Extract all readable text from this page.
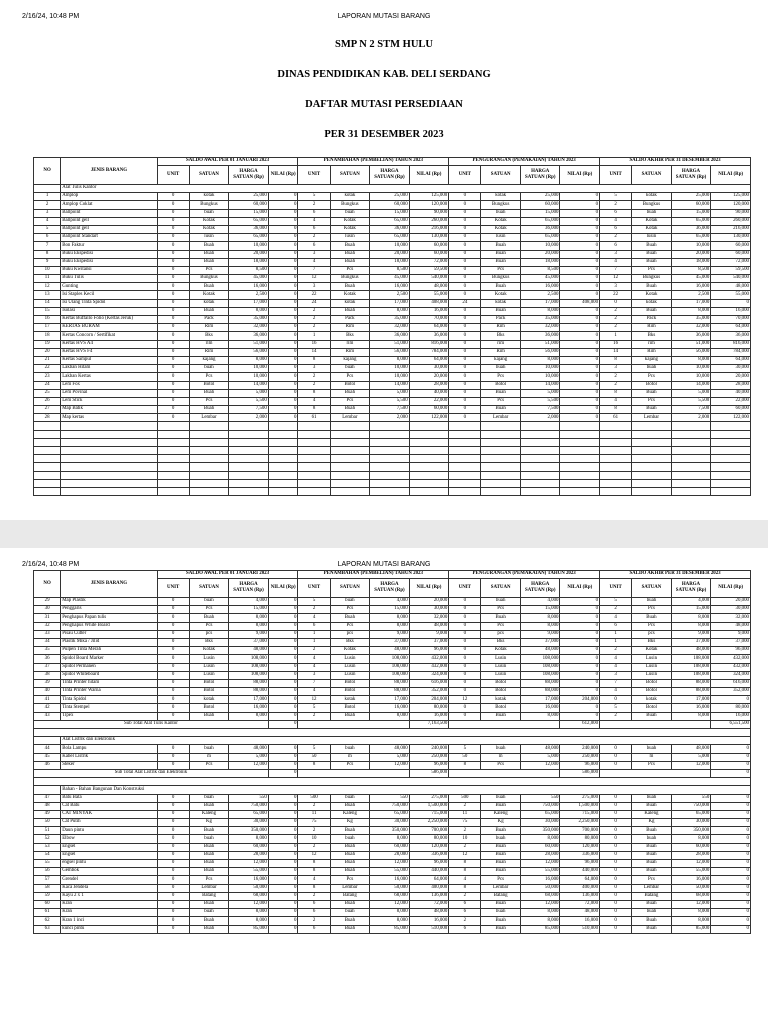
2/16/24, 10:48 PM	LAPORAN MUTASI BARANG
SMP N 2 STM HULU
DINAS PENDIDIKAN KAB. DELI SERDANG
DAFTAR MUTASI PERSEDIAAN
PER 31 DESEMBER 2023
NO	JENIS BARANG	SALDO AWAL PER 01 JANUARI 2023				PENAMBAHAN (PEMBELIAN) TAHUN 2023				PENGURANGAN (PEMAKAIAN) TAHUN 2023				SALDO AKHIR PER 31 DESEMBER 2023			
		UNIT	SATUAN	HARGA SATUAN (Rp)	NILAI (Rp)	UNIT	SATUAN	HARGA SATUAN (Rp)	NILAI (Rp)	UNIT	SATUAN	HARGA SATUAN (Rp)	NILAI (Rp)	UNIT	SATUAN	HARGA SATUAN (Rp)	NILAI (Rp)
	Alat Tulis Kantor																
1	Amplop	0	kotak	25,000	0	5	kotak	25,000	125,000	0	kotak	25,000	0	5	kotak	25,000	125,000
2	Amplop Coklat	0	Bungkus	60,000	0	2	Bungkus	60,000	120,000	0	Bungkus	60,000	0	2	Bungkus	60,000	120,000
3	Ballpoint	0	buah	15,000	0	6	buah	15,000	90,000	0	buah	15,000	0	6	buah	15,000	90,000
4	Ballpoint gell	0	Kotak	65,000	0	4	Kotak	65,000	260,000	0	Kotak	65,000	0	4	Kotak	65,000	260,000
5	Ballpoint gell	0	Kotak	36,000	0	6	Kotak	36,000	216,000	0	Kotak	36,000	0	6	Kotak	36,000	216,000
6	Ballpoint Standart	0	lusin	65,000	0	2	lusin	65,000	130,000	0	lusin	65,000	0	2	lusin	65,000	130,000
7	Bon Faktur	0	Buah	10,000	0	6	Buah	10,000	60,000	0	Buah	10,000	0	6	Buah	10,000	60,000
8	Buku Ekspedisi	0	Buah	20,000	0	3	Buah	20,000	60,000	0	Buah	20,000	0	3	Buah	20,000	60,000
9	Buku Ekspedisi	0	Buah	18,000	0	4	Buah	18,000	72,000	0	Buah	18,000	0	4	Buah	18,000	72,000
10	Buku Kwitansi	0	Pcs	8,500	0	7	Pcs	8,500	59,500	0	Pcs	8,500	0	7	Pcs	8,500	59,500
11	Buku Tulis	0	Bungkus	45,000	0	12	Bungkus	45,000	540,000	0	Bungkus	45,000	0	12	Bungkus	45,000	540,000
12	Gunting	0	Buah	16,000	0	3	Buah	16,000	48,000	0	Buah	16,000	0	3	Buah	16,000	48,000
13	Isi Staples Kecil	0	Kotak	2,500	0	22	Kotak	2,500	55,000	0	Kotak	2,500	0	22	Kotak	2,500	55,000
14	Isi Ulang Tinta Spidol	0	kotak	17,000	0	24	kotak	17,000	408,000	24	kotak	17,000	408,000	0	kotak	17,000	0
15	Isolasi	0	Buah	8,000	0	2	Buah	8,000	16,000	0	Buah	8,000	0	2	Buah	8,000	16,000
16	Kertas Buffallo Folio (Kertas Jeruk)	0	Pack	35,000	0	2	Pack	35,000	70,000	0	Pack	35,000	0	2	Pack	35,000	70,000
17	KERTAS BURAM	0	Rim	32,000	0	2	Rim	32,000	64,000	0	Rim	32,000	0	2	Rim	32,000	64,000
18	Kertas Concorn / Sertifikat	0	Bks	36,000	0	1	Bks	36,000	36,000	0	Bks	36,000	0	1	Bks	36,000	36,000
19	Kertas HVS A4	0	rim	51,000	0	16	rim	51,000	816,000	0	rim	51,000	0	16	rim	51,000	816,000
20	Kertas HVS F4	0	Rim	56,000	0	14	Rim	56,000	784,000	0	Rim	56,000	0	14	Rim	56,000	784,000
21	Kertas Sampul	0	kajang	8,000	0	8	kajang	8,000	64,000	0	kajang	8,000	0	8	kajang	8,000	64,000
22	Lakban Hitam	0	buah	10,000	0	3	buah	10,000	30,000	0	buah	10,000	0	3	buah	10,000	30,000
23	Lakban Kertas	0	Pcs	10,000	0	2	Pcs	10,000	20,000	0	Pcs	10,000	0	2	Pcs	10,000	20,000
24	Lem Fox	0	Botol	14,000	0	2	Botol	14,000	28,000	0	Botol	14,000	0	2	Botol	14,000	28,000
25	Lem Povinal	0	Buah	5,000	0	8	Buah	5,000	40,000	0	Buah	5,000	0	8	Buah	5,000	40,000
26	Lem Stick	0	Pcs	5,500	0	4	Pcs	5,500	22,000	0	Pcs	5,500	0	4	Pcs	5,500	22,000
27	Map Batik	0	Buah	7,500	0	8	Buah	7,500	60,000	0	Buah	7,500	0	8	Buah	7,500	60,000
28	Map kertas	0	Lembar	2,000	0	61	Lembar	2,000	122,000	0	Lembar	2,000	0	61	Lembar	2,000	122,000

2/16/24, 10:48 PM	LAPORAN MUTASI BARANG
NO	JENIS BARANG	SALDO AWAL PER 01 JANUARI 2023				PENAMBAHAN (PEMBELIAN) TAHUN 2023				PENGURANGAN (PEMAKAIAN) TAHUN 2023				SALDO AKHIR PER 31 DESEMBER 2023			
		UNIT	SATUAN	HARGA SATUAN (Rp)	NILAI (Rp)	UNIT	SATUAN	HARGA SATUAN (Rp)	NILAI (Rp)	UNIT	SATUAN	HARGA SATUAN (Rp)	NILAI (Rp)	UNIT	SATUAN	HARGA SATUAN (Rp)	NILAI (Rp)
29	Map Plastik	0	buah	4,000	0	5	buah	4,000	20,000	0	buah	4,000	0	5	buah	4,000	20,000
30	Penggaris	0	Pcs	15,000	0	2	Pcs	15,000	30,000	0	Pcs	15,000	0	2	Pcs	15,000	30,000
31	Penghapus Papan tulis	0	Buah	8,000	0	4	Buah	8,000	32,000	0	Buah	8,000	0	4	Buah	8,000	32,000
32	Penghapus White Board	0	Pcs	8,000	0	6	Pcs	8,000	48,000	0	Pcs	8,000	0	6	Pcs	8,000	48,000
33	Pisau Cutter	0	pcs	9,000	0	1	pcs	9,000	9,000	0	pcs	9,000	0	1	pcs	9,000	9,000
34	Plastik Mika / Jilid	0	Bks	37,000	0	1	Bks	37,000	37,000	0	Bks	37,000	0	1	Bks	37,000	37,000
35	Pulpen Tinta Merah	0	Kotak	48,000	0	2	Kotak	48,000	96,000	0	Kotak	48,000	0	2	Kotak	48,000	96,000
36	Spidol Board Marker	0	Lusin	108,000	0	4	Lusin	108,000	432,000	0	Lusin	108,000	0	4	Lusin	108,000	432,000
37	Spidol Permanen	0	Lusin	108,000	0	4	Lusin	108,000	432,000	0	Lusin	108,000	0	4	Lusin	108,000	432,000
38	Spidol Whiteboard	0	Lusin	108,000	0	3	Lusin	108,000	324,000	0	Lusin	108,000	0	3	Lusin	108,000	324,000
39	Tinta Printer hitam	0	Botol	88,000	0	7	Botol	88,000	616,000	0	Botol	88,000	0	7	Botol	88,000	616,000
40	Tinta Printer Warna	0	Botol	88,000	0	4	Botol	88,000	352,000	0	Botol	88,000	0	4	Botol	88,000	352,000
41	Tinta Spidol	0	kotak	17,000	0	12	kotak	17,000	204,000	12	kotak	17,000	204,000	0	kotak	17,000	0
42	Tinta Stempel	0	Botol	16,000	0	5	Botol	16,000	80,000	0	Botol	16,000	0	5	Botol	16,000	80,000
43	Tipex	0	Buah	8,000	0	2	Buah	8,000	16,000	0	Buah	8,000	0	2	Buah	8,000	16,000
Sub Total Alat Tulis Kantor					0				7,163,500				612,000				6,551,500

	Alat Listrik dan Elektronik																
44	Bola Lampu	0	buah	48,000	0	5	buah	48,000	240,000	5	buah	48,000	240,000	0	buah	48,000	0
45	Kabel Listrik	0	m	5,000	0	50	m	5,000	250,000	50	m	5,000	250,000	0	m	5,000	0
46	Steker	0	Pcs	12,000	0	8	Pcs	12,000	96,000	8	Pcs	12,000	96,000	0	Pcs	12,000	0
Sub Total Alat Listrik dan Elektronik					0				586,000				586,000				0

	Bahan - Bahan Bangunan Dan Konstruksi																
47	Batu Bata	0	buah	550	0	500	buah	550	275,000	500	buah	550	275,000	0	buah	550	0
48	Cat Batu	0	Buah	750,000	0	2	Buah	750,000	1,500,000	2	Buah	750,000	1,500,000	0	Buah	750,000	0
49	CAT MINYAK	0	Kaleng	65,000	0	11	Kaleng	65,000	715,000	11	Kaleng	65,000	715,000	0	Kaleng	65,000	0
50	Cat Putih	0	Kg	30,000	0	75	Kg	30,000	2,250,000	75	Kg	30,000	2,250,000	0	Kg	30,000	0
51	Daun pintu	0	Buah	350,000	0	2	Buah	350,000	700,000	2	Buah	350,000	700,000	0	Buah	350,000	0
52	Elbow	0	buah	8,000	0	10	buah	8,000	80,000	10	buah	8,000	80,000	0	buah	8,000	0
53	Engsel	0	Buah	60,000	0	2	Buah	60,000	120,000	2	Buah	60,000	120,000	0	Buah	60,000	0
54	Engsel	0	Buah	28,000	0	12	Buah	28,000	336,000	12	Buah	28,000	336,000	0	Buah	28,000	0
55	engsel pintu	0	Buah	12,000	0	8	Buah	12,000	96,000	8	Buah	12,000	96,000	0	Buah	12,000	0
56	Gembok	0	Buah	55,000	0	8	Buah	55,000	440,000	8	Buah	55,000	440,000	0	Buah	55,000	0
57	Grendel	0	Pcs	16,000	0	4	Pcs	16,000	64,000	4	Pcs	16,000	64,000	0	Pcs	16,000	0
58	Kaca Jendela	0	Lembar	50,000	0	8	Lembar	50,000	400,000	8	Lembar	50,000	400,000	0	Lembar	50,000	0
59	Kayu 2 x 1	0	Batang	68,000	0	2	Batang	68,000	136,000	2	Batang	68,000	136,000	0	Batang	68,000	0
60	Kran	0	Buah	12,000	0	6	Buah	12,000	72,000	6	Buah	12,000	72,000	0	Buah	12,000	0
61	Kran	0	buah	8,000	0	6	buah	8,000	48,000	6	buah	8,000	48,000	0	buah	8,000	0
62	Kran 1 inci	0	Buah	8,000	0	2	Buah	8,000	16,000	2	Buah	8,000	16,000	0	Buah	8,000	0
63	kunci pintu	0	Buah	85,000	0	6	Buah	85,000	510,000	6	Buah	85,000	510,000	0	Buah	85,000	0
